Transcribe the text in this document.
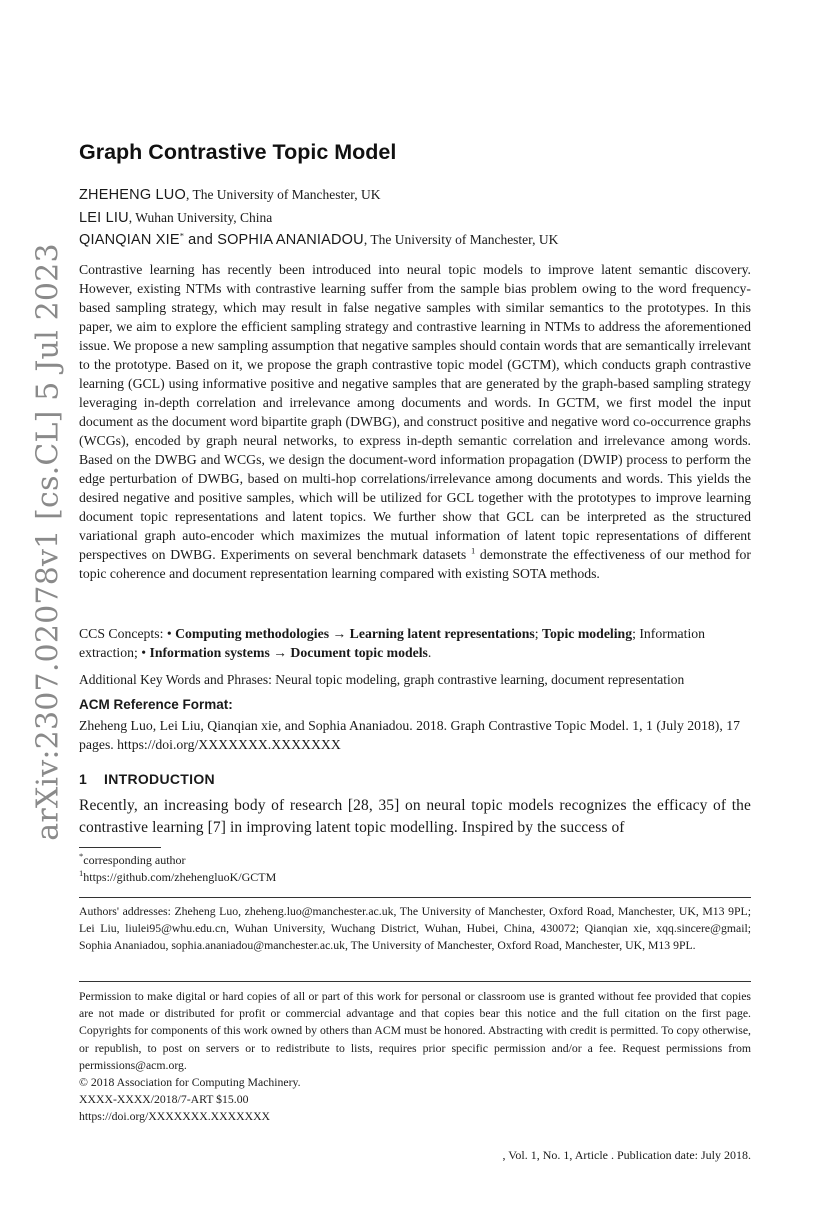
arXiv:2307.02078v1 [cs.CL] 5 Jul 2023
Graph Contrastive Topic Model
ZHEHENG LUO, The University of Manchester, UK
LEI LIU, Wuhan University, China
QIANQIAN XIE* and SOPHIA ANANIADOU, The University of Manchester, UK

Contrastive learning has recently been introduced into neural topic models to improve latent semantic discovery. However, existing NTMs with contrastive learning suffer from the sample bias problem owing to the word frequency-based sampling strategy, which may result in false negative samples with similar semantics to the prototypes. In this paper, we aim to explore the efficient sampling strategy and contrastive learning in NTMs to address the aforementioned issue. We propose a new sampling assumption that negative samples should contain words that are semantically irrelevant to the prototype. Based on it, we propose the graph contrastive topic model (GCTM), which conducts graph contrastive learning (GCL) using informative positive and negative samples that are generated by the graph-based sampling strategy leveraging in-depth correlation and irrelevance among documents and words. In GCTM, we first model the input document as the document word bipartite graph (DWBG), and construct positive and negative word co-occurrence graphs (WCGs), encoded by graph neural networks, to express in-depth semantic correlation and irrelevance among words. Based on the DWBG and WCGs, we design the document-word information propagation (DWIP) process to perform the edge perturbation of DWBG, based on multi-hop correlations/irrelevance among documents and words. This yields the desired negative and positive samples, which will be utilized for GCL together with the prototypes to improve learning document topic representations and latent topics. We further show that GCL can be interpreted as the structured variational graph auto-encoder which maximizes the mutual information of latent topic representations of different perspectives on DWBG. Experiments on several benchmark datasets $^1$ demonstrate the effectiveness of our method for topic coherence and document representation learning compared with existing SOTA methods.

CCS Concepts: • Computing methodologies → Learning latent representations; Topic modeling; Information extraction; • Information systems → Document topic models.

Additional Key Words and Phrases: Neural topic modeling, graph contrastive learning, document representation

ACM Reference Format:

Zheheng Luo, Lei Liu, Qianqian xie, and Sophia Ananiadou. 2018. Graph Contrastive Topic Model. 1, 1 (July 2018), 17 pages. https://doi.org/XXXXXXX.XXXXXXX

1 INTRODUCTION

Recently, an increasing body of research [28, 35] on neural topic models recognizes the efficacy of the contrastive learning [7] in improving latent topic modelling. Inspired by the success of

*corresponding author
$^1$https://github.com/zhehengluoK/GCTM

Authors' addresses: Zheheng Luo, zheheng.luo@manchester.ac.uk, The University of Manchester, Oxford Road, Manchester, UK, M13 9PL; Lei Liu, liulei95@whu.edu.cn, Wuhan University, Wuchang District, Wuhan, Hubei, China, 430072; Qianqian xie, xqq.sincere@gmail; Sophia Ananiadou, sophia.ananiadou@manchester.ac.uk, The University of Manchester, Oxford Road, Manchester, UK, M13 9PL.

Permission to make digital or hard copies of all or part of this work for personal or classroom use is granted without fee provided that copies are not made or distributed for profit or commercial advantage and that copies bear this notice and the full citation on the first page. Copyrights for components of this work owned by others than ACM must be honored. Abstracting with credit is permitted. To copy otherwise, or republish, to post on servers or to redistribute to lists, requires prior specific permission and/or a fee. Request permissions from permissions@acm.org.

© 2018 Association for Computing Machinery.

XXXX-XXXX/2018/7-ART $15.00

https://doi.org/XXXXXXX.XXXXXXX

, Vol. 1, No. 1, Article . Publication date: July 2018.
